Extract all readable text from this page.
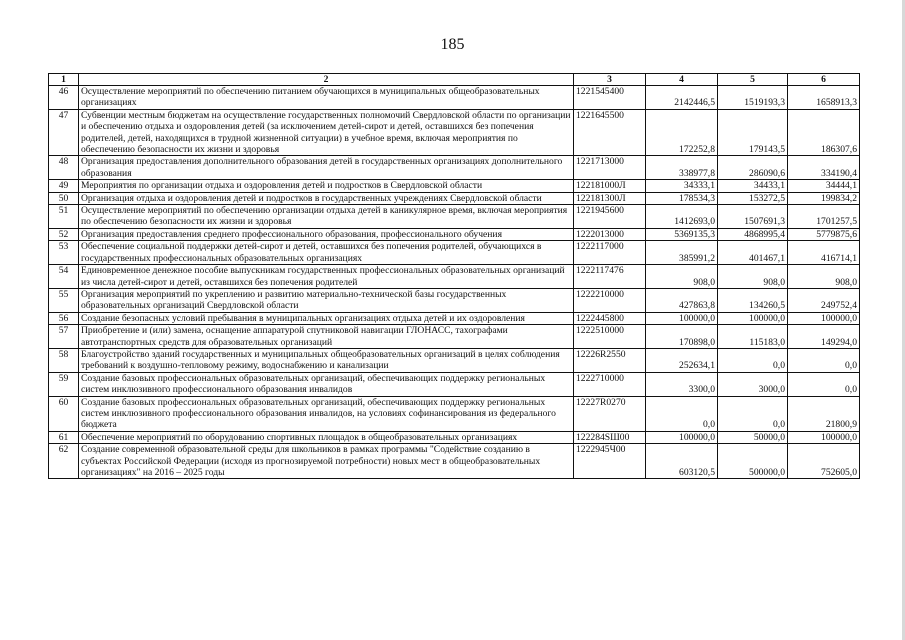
185
1	2	3	4	5	6
46	Осуществление мероприятий по обеспечению питанием обучающихся в муниципальных общеобразовательных организациях	1221545400	2142446,5	1519193,3	1658913,3
47	Субвенции местным бюджетам на осуществление государственных полномочий Свердловской области по организации и обеспечению отдыха и оздоровления детей (за исключением детей-сирот и детей, оставшихся без попечения родителей, детей, находящихся в трудной жизненной ситуации) в учебное время, включая мероприятия по обеспечению безопасности их жизни и здоровья	1221645500	172252,8	179143,5	186307,6
48	Организация предоставления дополнительного образования детей в государственных организациях дополнительного образования	1221713000	338977,8	286090,6	334190,4
49	Мероприятия по организации отдыха и оздоровления детей и подростков в Свердловской области	122181000Л	34333,1	34433,1	34444,1
50	Организация отдыха и оздоровления детей и подростков в государственных учреждениях Свердловской области	122181300Л	178534,3	153272,5	199834,2
51	Осуществление мероприятий по обеспечению организации отдыха детей в каникулярное время, включая мероприятия по обеспечению безопасности их жизни и здоровья	1221945600	1412693,0	1507691,3	1701257,5
52	Организация предоставления среднего профессионального образования, профессионального обучения	1222013000	5369135,3	4868995,4	5779875,6
53	Обеспечение социальной поддержки детей-сирот и детей, оставшихся без попечения родителей, обучающихся в государственных профессиональных образовательных организациях	1222117000	385991,2	401467,1	416714,1
54	Единовременное денежное пособие выпускникам государственных профессиональных образовательных организаций из числа детей-сирот и детей, оставшихся без попечения родителей	1222117476	908,0	908,0	908,0
55	Организация мероприятий по укреплению и развитию материально-технической базы государственных образовательных организаций Свердловской области	1222210000	427863,8	134260,5	249752,4
56	Создание безопасных условий пребывания в муниципальных организациях отдыха детей и их оздоровления	1222445800	100000,0	100000,0	100000,0
57	Приобретение и (или) замена, оснащение аппаратурой спутниковой навигации ГЛОНАСС, тахографами автотранспортных средств для образовательных организаций	1222510000	170898,0	115183,0	149294,0
58	Благоустройство зданий государственных и муниципальных общеобразовательных организаций в целях соблюдения требований к воздушно-тепловому режиму, водоснабжению и канализации	12226R2550	252634,1	0,0	0,0
59	Создание базовых профессиональных образовательных организаций, обеспечивающих поддержку региональных систем инклюзивного профессионального образования инвалидов	1222710000	3300,0	3000,0	0,0
60	Создание базовых профессиональных образовательных организаций, обеспечивающих поддержку региональных систем инклюзивного профессионального образования инвалидов, на условиях софинансирования из федерального бюджета	12227R0270	0,0	0,0	21800,9
61	Обеспечение мероприятий по оборудованию спортивных площадок в общеобразовательных организациях	122284SШ00	100000,0	50000,0	100000,0
62	Создание современной образовательной среды для школьников в рамках программы "Содействие созданию в субъектах Российской Федерации (исходя из прогнозируемой потребности) новых мест в общеобразовательных организациях" на 2016 – 2025 годы	1222945Ч00	603120,5	500000,0	752605,0
